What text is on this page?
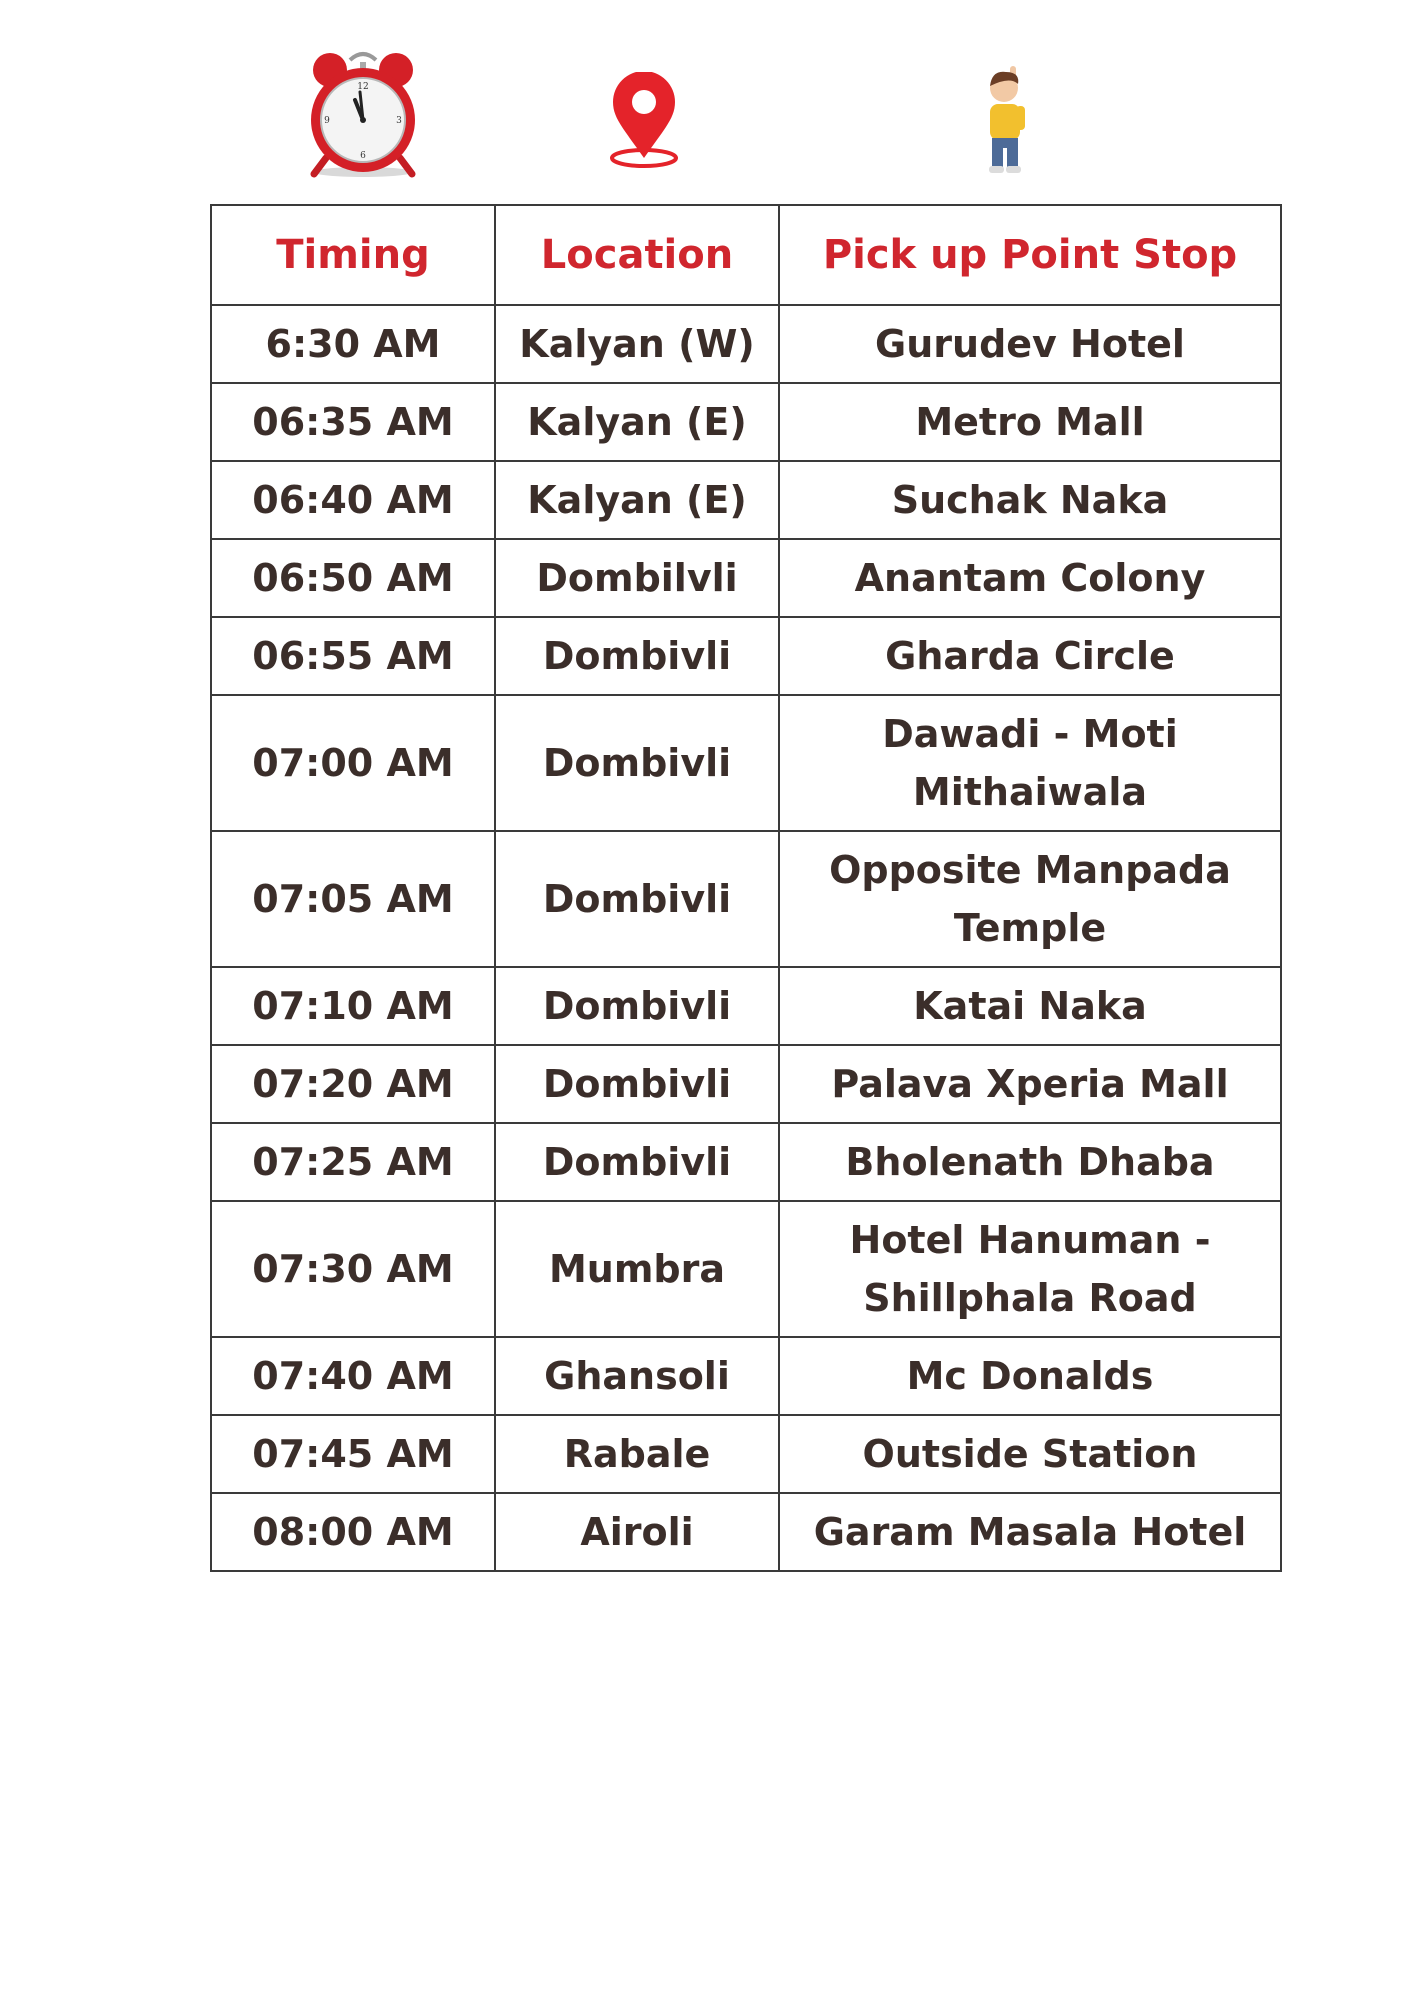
12
6
3
9
Timing	Location	Pick up Point Stop
6:30 AM	Kalyan (W)	Gurudev Hotel
06:35 AM	Kalyan (E)	Metro Mall
06:40 AM	Kalyan (E)	Suchak Naka
06:50 AM	Dombilvli	Anantam Colony
06:55 AM	Dombivli	Gharda Circle
07:00 AM	Dombivli	Dawadi - Moti Mithaiwala
07:05 AM	Dombivli	Opposite Manpada Temple
07:10 AM	Dombivli	Katai Naka
07:20 AM	Dombivli	Palava Xperia Mall
07:25 AM	Dombivli	Bholenath Dhaba
07:30 AM	Mumbra	Hotel Hanuman - Shillphala Road
07:40 AM	Ghansoli	Mc Donalds
07:45 AM	Rabale	Outside Station
08:00 AM	Airoli	Garam Masala Hotel
